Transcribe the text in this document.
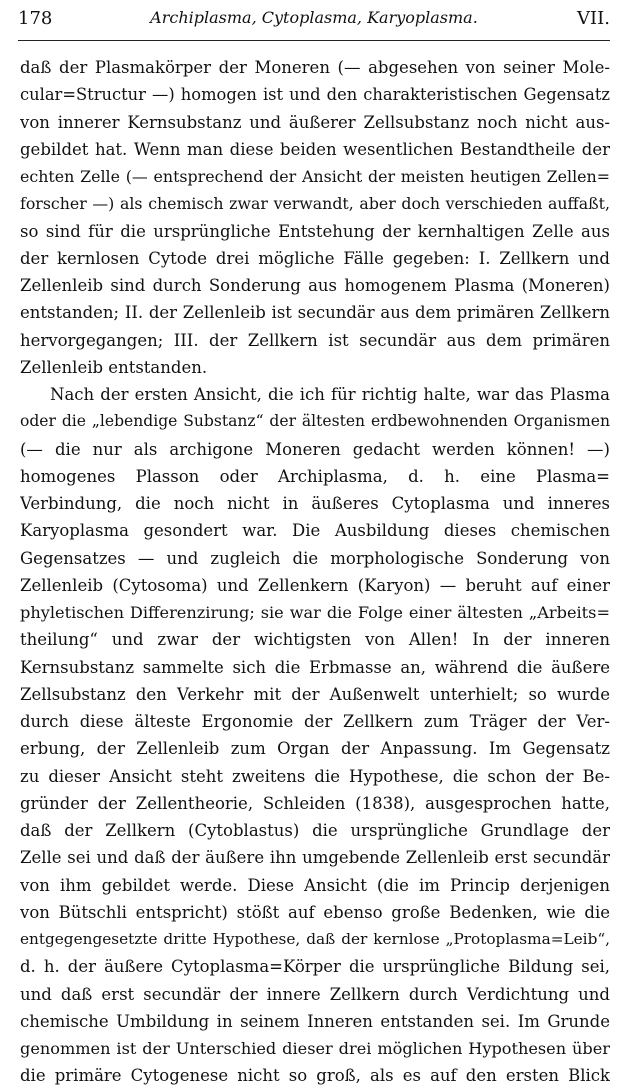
178	Archiplasma, Cytoplasma, Karyoplasma.	VII.
daß der Plasmakörper der Moneren (— abgesehen von seiner Mole-
cular=Structur —) homogen ist und den charakteristischen Gegensatz
von innerer Kernsubstanz und äußerer Zellsubstanz noch nicht aus-
gebildet hat. Wenn man diese beiden wesentlichen Bestandtheile der
echten Zelle (— entsprechend der Ansicht der meisten heutigen Zellen=
forscher —) als chemisch zwar verwandt, aber doch verschieden auffaßt,
so sind für die ursprüngliche Entstehung der kernhaltigen Zelle aus
der kernlosen Cytode drei mögliche Fälle gegeben: I. Zellkern und
Zellenleib sind durch Sonderung aus homogenem Plasma (Moneren)
entstanden; II. der Zellenleib ist secundär aus dem primären Zellkern
hervorgegangen; III. der Zellkern ist secundär aus dem primären
Zellenleib entstanden.
Nach der ersten Ansicht, die ich für richtig halte, war das Plasma
oder die „lebendige Substanz“ der ältesten erdbewohnenden Organismen
(— die nur als archigone Moneren gedacht werden können! —)
homogenes Plasson oder Archiplasma, d. h. eine Plasma=
Verbindung, die noch nicht in äußeres Cytoplasma und inneres
Karyoplasma gesondert war. Die Ausbildung dieses chemischen
Gegensatzes — und zugleich die morphologische Sonderung von
Zellenleib (Cytosoma) und Zellenkern (Karyon) — beruht auf einer
phyletischen Differenzirung; sie war die Folge einer ältesten „Arbeits=
theilung“ und zwar der wichtigsten von Allen! In der inneren
Kernsubstanz sammelte sich die Erbmasse an, während die äußere
Zellsubstanz den Verkehr mit der Außenwelt unterhielt; so wurde
durch diese älteste Ergonomie der Zellkern zum Träger der Ver-
erbung, der Zellenleib zum Organ der Anpassung. Im Gegensatz
zu dieser Ansicht steht zweitens die Hypothese, die schon der Be-
gründer der Zellentheorie, Schleiden (1838), ausgesprochen hatte,
daß der Zellkern (Cytoblastus) die ursprüngliche Grundlage der
Zelle sei und daß der äußere ihn umgebende Zellenleib erst secundär
von ihm gebildet werde. Diese Ansicht (die im Princip derjenigen
von Bütschli entspricht) stößt auf ebenso große Bedenken, wie die
entgegengesetzte dritte Hypothese, daß der kernlose „Protoplasma=Leib“,
d. h. der äußere Cytoplasma=Körper die ursprüngliche Bildung sei,
und daß erst secundär der innere Zellkern durch Verdichtung und
chemische Umbildung in seinem Inneren entstanden sei. Im Grunde
genommen ist der Unterschied dieser drei möglichen Hypothesen über
die primäre Cytogenese nicht so groß, als es auf den ersten Blick
